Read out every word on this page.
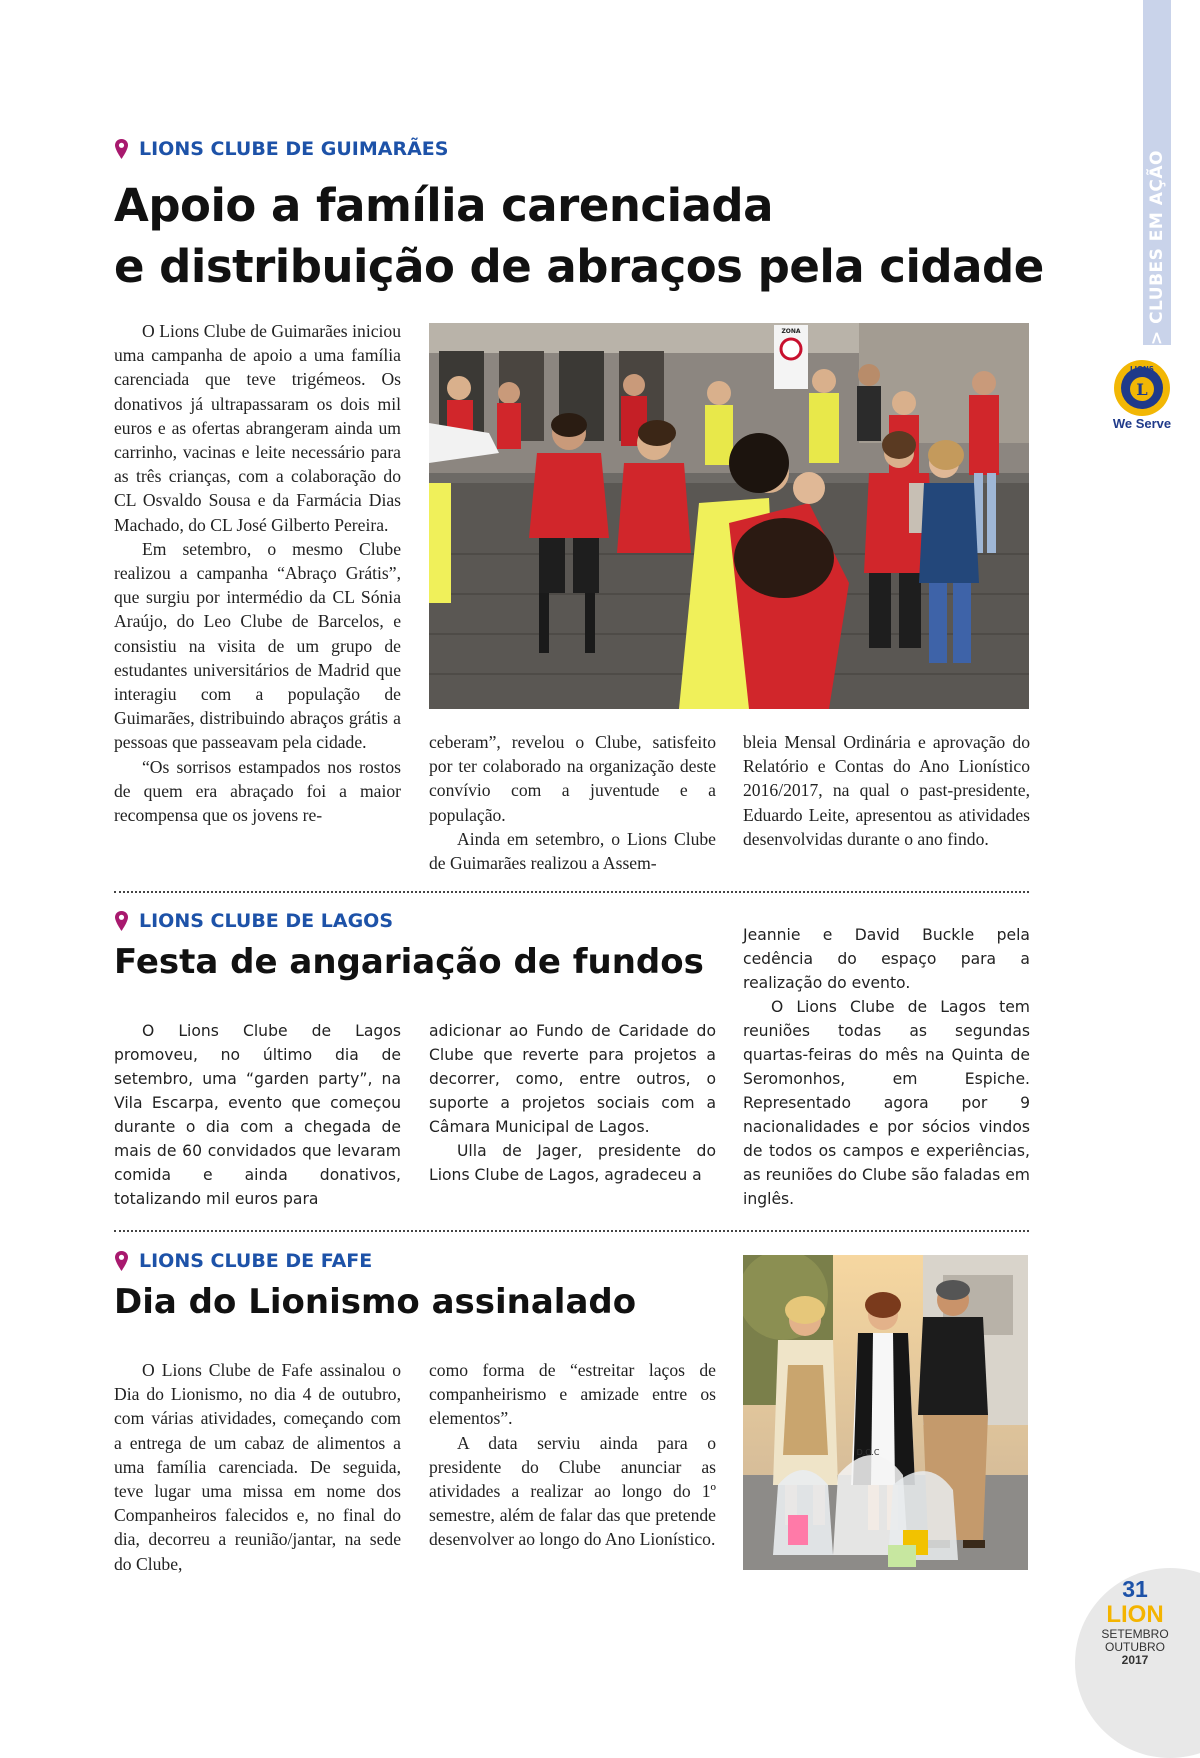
> CLUBES EM AÇÃO
LIONS
L
We Serve
LIONS CLUBE DE GUIMARÃES
Apoio a família carenciada
e distribuição de abraços pela cidade

O Lions Clube de Guimarães iniciou uma campanha de apoio a uma família carenciada que teve trigémeos. Os donativos já ultrapassaram os dois mil euros e as ofertas abrangeram ainda um carrinho, vacinas e leite necessário para as três crianças, com a colaboração do CL Osvaldo Sousa e da Farmácia Dias Machado, do CL José Gilberto Pereira.

Em setembro, o mesmo Clube realizou a campanha “Abraço Grátis”, que surgiu por intermédio da CL Sónia Araújo, do Leo Clube de Barcelos, e consistiu na visita de um grupo de estudantes universitários de Madrid que interagiu com a população de Guimarães, distribuindo abraços grátis a pessoas que passeavam pela cidade.

“Os sorrisos estampados nos rostos de quem era abraçado foi a maior recompensa que os jovens re-

ZONA

ceberam”, revelou o Clube, satisfeito por ter colaborado na organização deste convívio com a juventude e a população.

Ainda em setembro, o Lions Clube de Guimarães realizou a Assem-

bleia Mensal Ordinária e aprovação do Relatório e Contas do Ano Lionístico 2016/2017, na qual o past-presidente, Eduardo Leite, apresentou as atividades desenvolvidas durante o ano findo.

LIONS CLUBE DE LAGOS
Festa de angariação de fundos

O Lions Clube de Lagos promoveu, no último dia de setembro, uma “garden party”, na Vila Escarpa, evento que começou durante o dia com a chegada de mais de 60 convidados que levaram comida e ainda donativos, totalizando mil euros para

adicionar ao Fundo de Caridade do Clube que reverte para projetos a decorrer, como, entre outros, o suporte a projetos sociais com a Câmara Municipal de Lagos.

Ulla de Jager, presidente do Lions Clube de Lagos, agradeceu a

Jeannie e David Buckle pela cedência do espaço para a realização do evento.

O Lions Clube de Lagos tem reuniões todas as segundas quartas-feiras do mês na Quinta de Seromonhos, em Espiche. Representado agora por 9 nacionalidades e por sócios vindos de todos os campos e experiências, as reuniões do Clube são faladas em inglês.

LIONS CLUBE DE FAFE
Dia do Lionismo assinalado

O Lions Clube de Fafe assinalou o Dia do Lionismo, no dia 4 de outubro, com várias atividades, começando com a entrega de um cabaz de alimentos a uma família carenciada. De seguida, teve lugar uma missa em nome dos Companheiros falecidos e, no final do dia, decorreu a reunião/jantar, na sede do Clube,

como forma de “estreitar laços de companheirismo e amizade entre os elementos”.

A data serviu ainda para o presidente do Clube anunciar as atividades a realizar ao longo do 1º semestre, além de falar das que pretende desenvolver ao longo do Ano Lionístico.

D.O.C
31
LION
SETEMBRO
OUTUBRO
2017
